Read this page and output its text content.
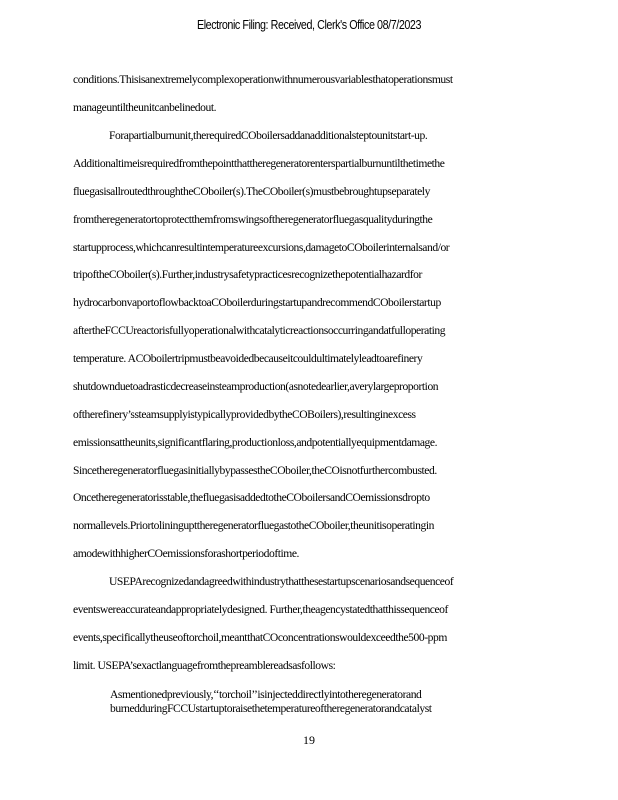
Electronic Filing: Received, Clerk's Office 08/7/2023
conditions.Thisisanextremelycomplexoperationwithnumerousvariablesthatoperationsmust
manageuntiltheunitcanbelinedout.
Forapartialburnunit,therequiredCOboilersaddanadditionalsteptounitstart-up.
Additionaltimeisrequiredfromthepointthattheregeneratorenterspartialburnuntilthetimethe
fluegasisallroutedthroughtheCOboiler(s).TheCOboiler(s)mustbebroughtupseparately
fromtheregeneratortoprotectthemfromswingsoftheregeneratorfluegasqualityduringthe
startupprocess,whichcanresultintemperatureexcursions,damagetoCOboilerinternalsand/or
tripoftheCOboiler(s).Further,industrysafetypracticesrecognizethepotentialhazardfor
hydrocarbonvaportoflowbacktoaCOboilerduringstartupandrecommendCOboilerstartup
aftertheFCCUreactorisfullyoperationalwithcatalyticreactionsoccurringandatfulloperating
temperature. ACOboilertripmustbeavoidedbecauseitcouldultimatelyleadtoarefinery
shutdownduetoadrasticdecreaseinsteamproduction(asnotedearlier,averylargeproportion
oftherefinery’ssteamsupplyistypicallyprovidedbytheCOBoilers),resultinginexcess
emissionsattheunits,significantflaring,productionloss,andpotentiallyequipmentdamage.
SincetheregeneratorfluegasinitiallybypassestheCOboiler,theCOisnotfurthercombusted.
Oncetheregeneratorisstable,thefluegasisaddedtotheCOboilersandCOemissionsdropto
normallevels.PriortoliningupttheregeneratorfluegastotheCOboiler,theunitisoperatingin
amodewithhigherCOemissionsforashortperiodoftime.
USEPArecognizedandagreedwithindustrythatthesestartupscenariosandsequenceof
eventswereaccurateandappropriatelydesigned. Further,theagencystatedthatthissequenceof
events,specificallytheuseoftorchoil,meantthatCOconcentrationswouldexceedthe500-ppm
limit. USEPA’sexactlanguagefromthepreamblereadsasfollows:
Asmentionedpreviously,‘‘torchoil’’isinjecteddirectlyintotheregeneratorand
burnedduringFCCUstartuptoraisethetemperatureoftheregeneratorandcatalyst
19
